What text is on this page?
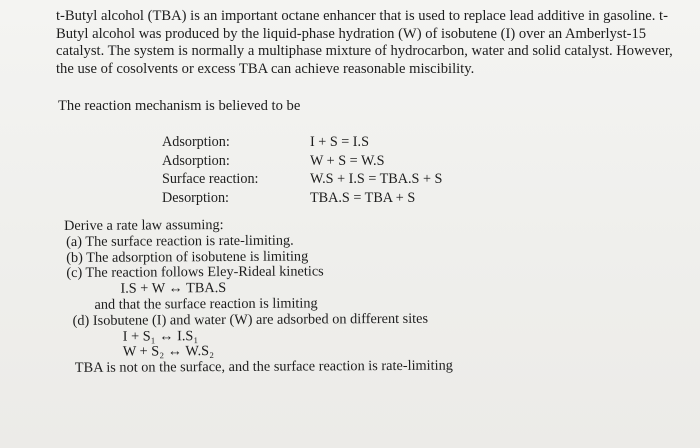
t-Butyl alcohol (TBA) is an important octane enhancer that is used to replace lead additive in gasoline. t-
Butyl alcohol was produced by the liquid-phase hydration (W) of isobutene (I) over an Amberlyst-15
catalyst. The system is normally a multiphase mixture of hydrocarbon, water and solid catalyst. However,
the use of cosolvents or excess TBA can achieve reasonable miscibility.
The reaction mechanism is believed to be
Adsorption:	I + S = I.S
Adsorption:	W + S = W.S
Surface reaction:	W.S + I.S = TBA.S + S
Desorption:	TBA.S = TBA + S
Derive a rate law assuming:
(a) The surface reaction is rate-limiting.
(b) The adsorption of isobutene is limiting
(c) The reaction follows Eley-Rideal kinetics
I.S + W ↔ TBA.S
and that the surface reaction is limiting
(d) Isobutene (I) and water (W) are adsorbed on different sites
I + S₁ ↔ I.S₁
W + S₂ ↔ W.S₂
TBA is not on the surface, and the surface reaction is rate-limiting
